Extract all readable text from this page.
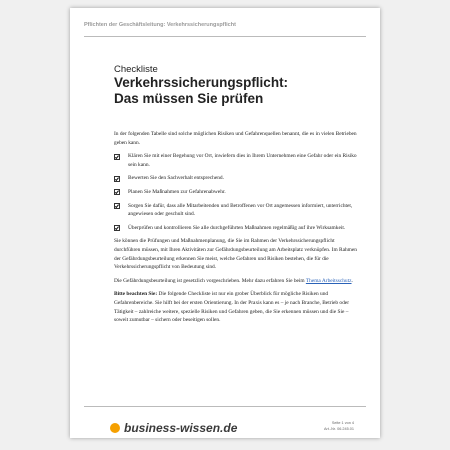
Pflichten der Geschäftsleitung: Verkehrssicherungspflicht
Checkliste
Verkehrssicherungspflicht:
Das müssen Sie prüfen

In der folgenden Tabelle sind solche möglichen Risiken und Gefahrenquellen benannt, die es in vielen Betrieben geben kann.

Klären Sie mit einer Begehung vor Ort, inwiefern dies in Ihrem Unternehmen eine Gefahr oder ein Risiko sein kann.
Bewerten Sie den Sachverhalt entsprechend.
Planen Sie Maßnahmen zur Gefahrenabwehr.
Sorgen Sie dafür, dass alle Mitarbeitenden und Betroffenen vor Ort angemessen informiert, unterrichtet, angewiesen oder geschult sind.
Überprüfen und kontrollieren Sie alle durchgeführten Maßnahmen regelmäßig auf ihre Wirksamkeit.

Sie können die Prüfungen und Maßnahmenplanung, die Sie im Rahmen der Verkehrssicherungspflicht durchführen müssen, mit Ihren Aktivitäten zur Gefährdungsbeurteilung am Arbeitsplatz verknüpfen. Im Rahmen der Gefährdungsbeurteilung erkennen Sie meist, welche Gefahren und Risiken bestehen, die für die Verkehrssicherungspflicht von Bedeutung sind.

Die Gefährdungsbeurteilung ist gesetzlich vorgeschrieben. Mehr dazu erfahren Sie beim Thema Arbeitsschutz.

Bitte beachten Sie: Die folgende Checkliste ist nur ein grober Überblick für mögliche Risiken und Gefahrenbereiche. Sie hilft bei der ersten Orientierung. In der Praxis kann es – je nach Branche, Betrieb oder Tätigkeit – zahlreiche weitere, spezielle Risiken und Gefahren geben, die Sie erkennen müssen und die Sie – soweit zumutbar – sichern oder beseitigen sollen.

business-wissen.de	Seite 1 von 4
Art.-Nr. 06.245.01
